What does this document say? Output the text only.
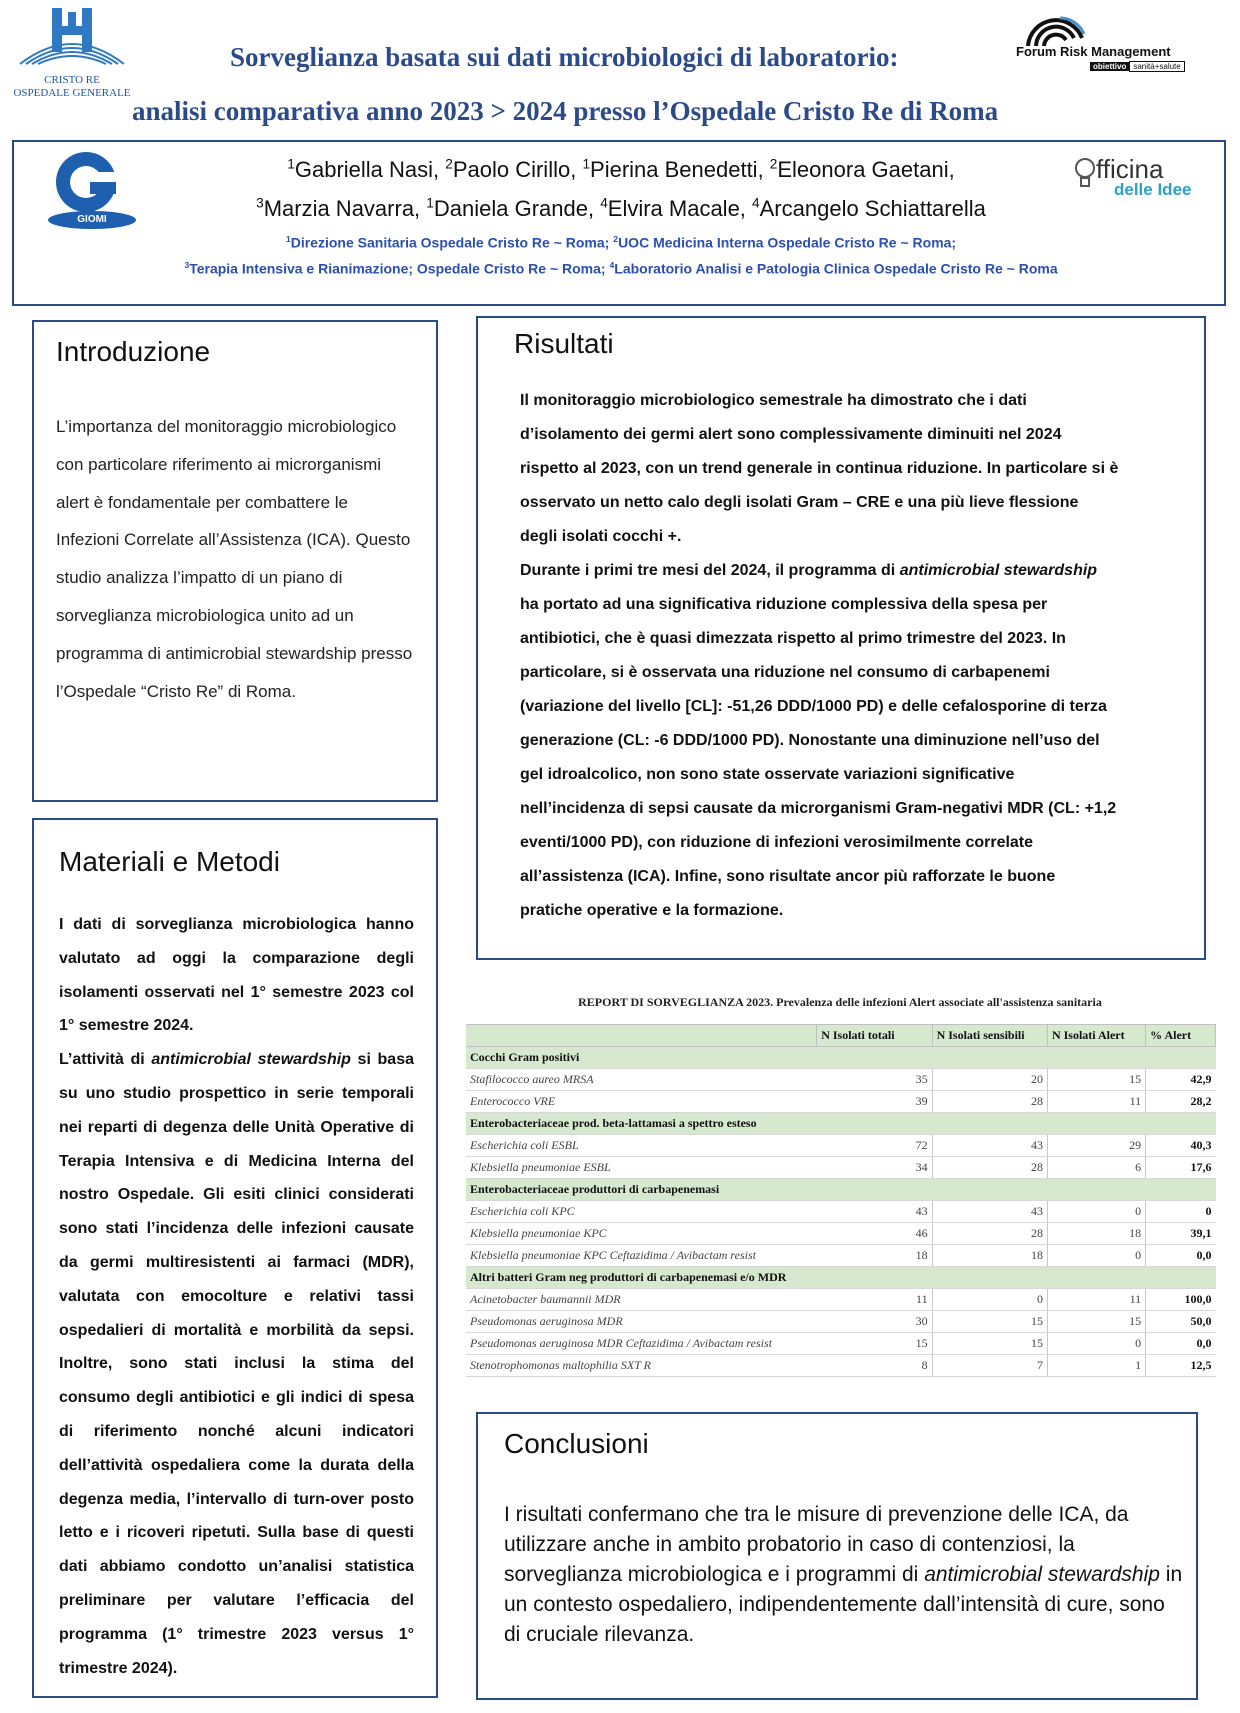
CRISTO RE
OSPEDALE GENERALE
Sorveglianza basata sui dati microbiologici di laboratorio:
analisi comparativa anno 2023 > 2024 presso l’Ospedale Cristo Re di Roma
Forum Risk Management
obiettivo sanità+salute
GIOMI
$^1$Gabriella Nasi, $^2$Paolo Cirillo, $^1$Pierina Benedetti, $^2$Eleonora Gaetani,
$^3$Marzia Navarra, $^1$Daniela Grande, $^4$Elvira Macale, $^4$Arcangelo Schiattarella
$^1$Direzione Sanitaria Ospedale Cristo Re ~ Roma; $^2$UOC Medicina Interna Ospedale Cristo Re ~ Roma;
$^3$Terapia Intensiva e Rianimazione; Ospedale Cristo Re ~ Roma; $^4$Laboratorio Analisi e Patologia Clinica Ospedale Cristo Re ~ Roma
fficina
delle Idee
Introduzione
L’importanza del monitoraggio microbiologico con particolare riferimento ai microrganismi alert è fondamentale per combattere le Infezioni Correlate all’Assistenza (ICA). Questo studio analizza l’impatto di un piano di sorveglianza microbiologica unito ad un programma di antimicrobial stewardship presso l’Ospedale “Cristo Re” di Roma.
Materiali e Metodi

I dati di sorveglianza microbiologica hanno valutato ad oggi la comparazione degli isolamenti osservati nel 1° semestre 2023 col 1° semestre 2024.

L’attività di antimicrobial stewardship si basa su uno studio prospettico in serie temporali nei reparti di degenza delle Unità Operative di Terapia Intensiva e di Medicina Interna del nostro Ospedale. Gli esiti clinici considerati sono stati l’incidenza delle infezioni causate da germi multiresistenti ai farmaci (MDR), valutata con emocolture e relativi tassi ospedalieri di mortalità e morbilità da sepsi. Inoltre, sono stati inclusi la stima del consumo degli antibiotici e gli indici di spesa di riferimento nonché alcuni indicatori dell’attività ospedaliera come la durata della degenza media, l’intervallo di turn-over posto letto e i ricoveri ripetuti. Sulla base di questi dati abbiamo condotto un’analisi statistica preliminare per valutare l’efficacia del programma (1° trimestre 2023 versus 1° trimestre 2024).

Risultati

Il monitoraggio microbiologico semestrale ha dimostrato che i dati d’isolamento dei germi alert sono complessivamente diminuiti nel 2024 rispetto al 2023, con un trend generale in continua riduzione. In particolare si è osservato un netto calo degli isolati Gram – CRE e una più lieve flessione degli isolati cocchi +.

Durante i primi tre mesi del 2024, il programma di antimicrobial stewardship ha portato ad una significativa riduzione complessiva della spesa per antibiotici, che è quasi dimezzata rispetto al primo trimestre del 2023. In particolare, si è osservata una riduzione nel consumo di carbapenemi (variazione del livello [CL]: -51,26 DDD/1000 PD) e delle cefalosporine di terza generazione (CL: -6 DDD/1000 PD). Nonostante una diminuzione nell’uso del gel idroalcolico, non sono state osservate variazioni significative nell’incidenza di sepsi causate da microrganismi Gram-negativi MDR (CL: +1,2 eventi/1000 PD), con riduzione di infezioni verosimilmente correlate all’assistenza (ICA). Infine, sono risultate ancor più rafforzate le buone pratiche operative e la formazione.

REPORT DI SORVEGLIANZA 2023. Prevalenza delle infezioni Alert associate all'assistenza sanitaria
	N Isolati totali	N Isolati sensibili	N Isolati Alert	% Alert
Cocchi Gram positivi				
Stafilococco aureo MRSA	35	20	15	42,9
Enterococco VRE	39	28	11	28,2
Enterobacteriaceae prod. beta-lattamasi a spettro esteso				
Escherichia coli ESBL	72	43	29	40,3
Klebsiella pneumoniae ESBL	34	28	6	17,6
Enterobacteriaceae produttori di carbapenemasi				
Escherichia coli KPC	43	43	0	0
Klebsiella pneumoniae KPC	46	28	18	39,1
Klebsiella pneumoniae KPC Ceftazidima / Avibactam resist	18	18	0	0,0
Altri batteri Gram neg produttori di carbapenemasi e/o MDR				
Acinetobacter baumannii MDR	11	0	11	100,0
Pseudomonas aeruginosa MDR	30	15	15	50,0
Pseudomonas aeruginosa MDR Ceftazidima / Avibactam resist	15	15	0	0,0
Stenotrophomonas maltophilia SXT R	8	7	1	12,5
Conclusioni
I risultati confermano che tra le misure di prevenzione delle ICA, da utilizzare anche in ambito probatorio in caso di contenziosi, la sorveglianza microbiologica e i programmi di antimicrobial stewardship in un contesto ospedaliero, indipendentemente dall’intensità di cure, sono di cruciale rilevanza.
